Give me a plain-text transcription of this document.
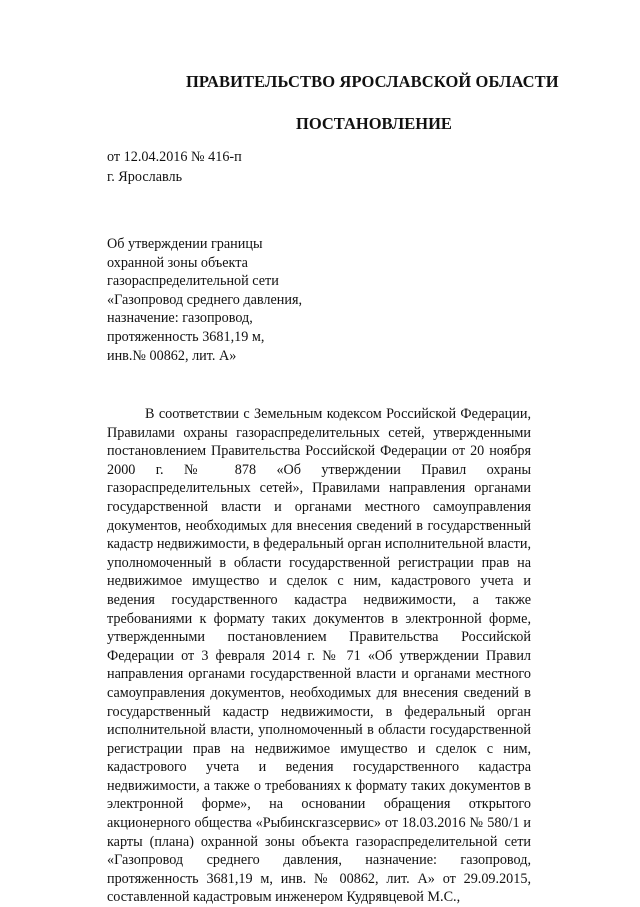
ПРАВИТЕЛЬСТВО ЯРОСЛАВСКОЙ ОБЛАСТИ
ПОСТАНОВЛЕНИЕ
от 12.04.2016 № 416-п
г. Ярославль
Об утверждении границы
охранной зоны объекта
газораспределительной сети
«Газопровод среднего давления,
назначение: газопровод,
протяженность 3681,19 м,
инв.№ 00862, лит. А»
В соответствии с Земельным кодексом Российской Федерации, Правилами охраны газораспределительных сетей, утвержденными постановлением Правительства Российской Федерации от 20 ноября 2000 г. № 878 «Об утверждении Правил охраны газораспределительных сетей», Правилами направления органами государственной власти и органами местного самоуправления документов, необходимых для внесения сведений в государственный кадастр недвижимости, в федеральный орган исполнительной власти, уполномоченный в области государственной регистрации прав на недвижимое имущество и сделок с ним, кадастрового учета и ведения государственного кадастра недвижимости, а также требованиями к формату таких документов в электронной форме, утвержденными постановлением Правительства Российской Федерации от 3 февраля 2014 г. № 71 «Об утверждении Правил направления органами государственной власти и органами местного самоуправления документов, необходимых для внесения сведений в государственный кадастр недвижимости, в федеральный орган исполнительной власти, уполномоченный в области государственной регистрации прав на недвижимое имущество и сделок с ним, кадастрового учета и ведения государственного кадастра недвижимости, а также о требованиях к формату таких документов в электронной форме», на основании обращения открытого акционерного общества «Рыбинскгазсервис» от 18.03.2016 № 580/1 и карты (плана) охранной зоны объекта газораспределительной сети «Газопровод среднего давления, назначение: газопровод, протяженность 3681,19 м, инв. № 00862, лит. А» от 29.09.2015, составленной кадастровым инженером Кудрявцевой М.С.,
